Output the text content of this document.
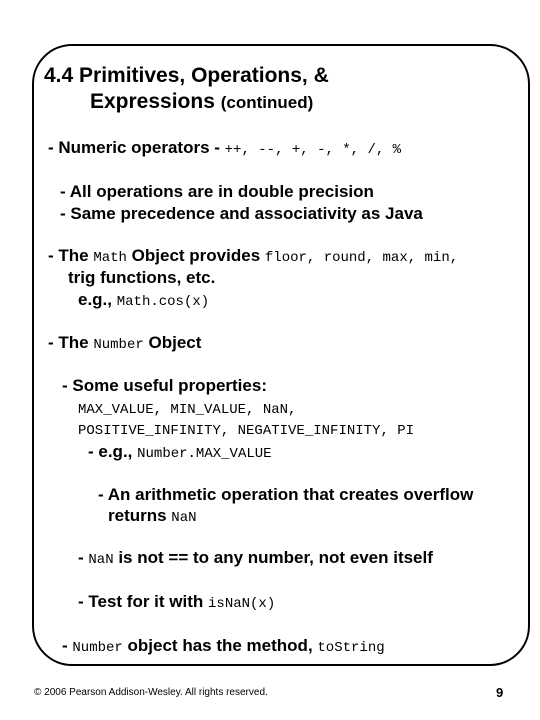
4.4 Primitives, Operations, &
Expressions (continued)
- Numeric operators - ++, --, +, -, *, /, %
- All operations are in double precision
- Same precedence and associativity as Java
- The Math Object provides floor, round, max, min,
trig functions, etc.
e.g., Math.cos(x)
- The Number Object
- Some useful properties:
MAX_VALUE, MIN_VALUE, NaN,
POSITIVE_INFINITY, NEGATIVE_INFINITY, PI
- e.g., Number.MAX_VALUE
- An arithmetic operation that creates overflow
returns NaN
- NaN is not == to any number, not even itself
- Test for it with isNaN(x)
- Number object has the method, toString
© 2006 Pearson Addison-Wesley. All rights reserved.	9
